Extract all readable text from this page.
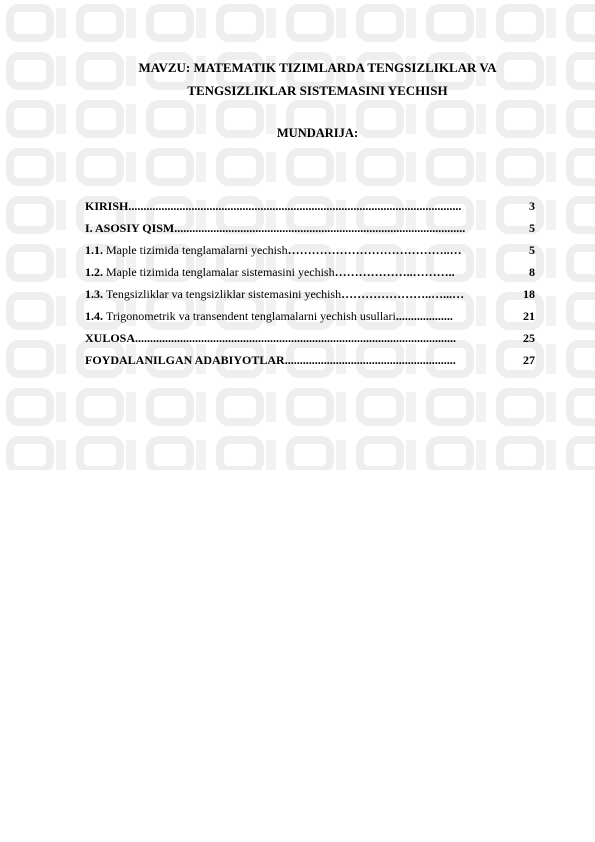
MAVZU: MATEMATIK TIZIMLARDA TENGSIZLIKLAR VA
TENGSIZLIKLAR SISTEMASINI YECHISH
MUNDARIJA:
KIRISH ...............................................................................................................	3
I. ASOSIY QISM .................................................................................................	5
1.1. Maple tizimida tenglamalarni yechish …………………………………..…	5
1.2. Maple tizimida tenglamalar sistemasini yechish ………………..………..	8
1.3. Tengsizliklar va tengsizliklar sistemasini yechish …………………..…...…	18
1.4. Trigonometrik va transendent tenglamalarni yechish usullari ...................	21
XULOSA ...........................................................................................................	25
FOYDALANILGAN ADABIYOTLAR .........................................................	27
